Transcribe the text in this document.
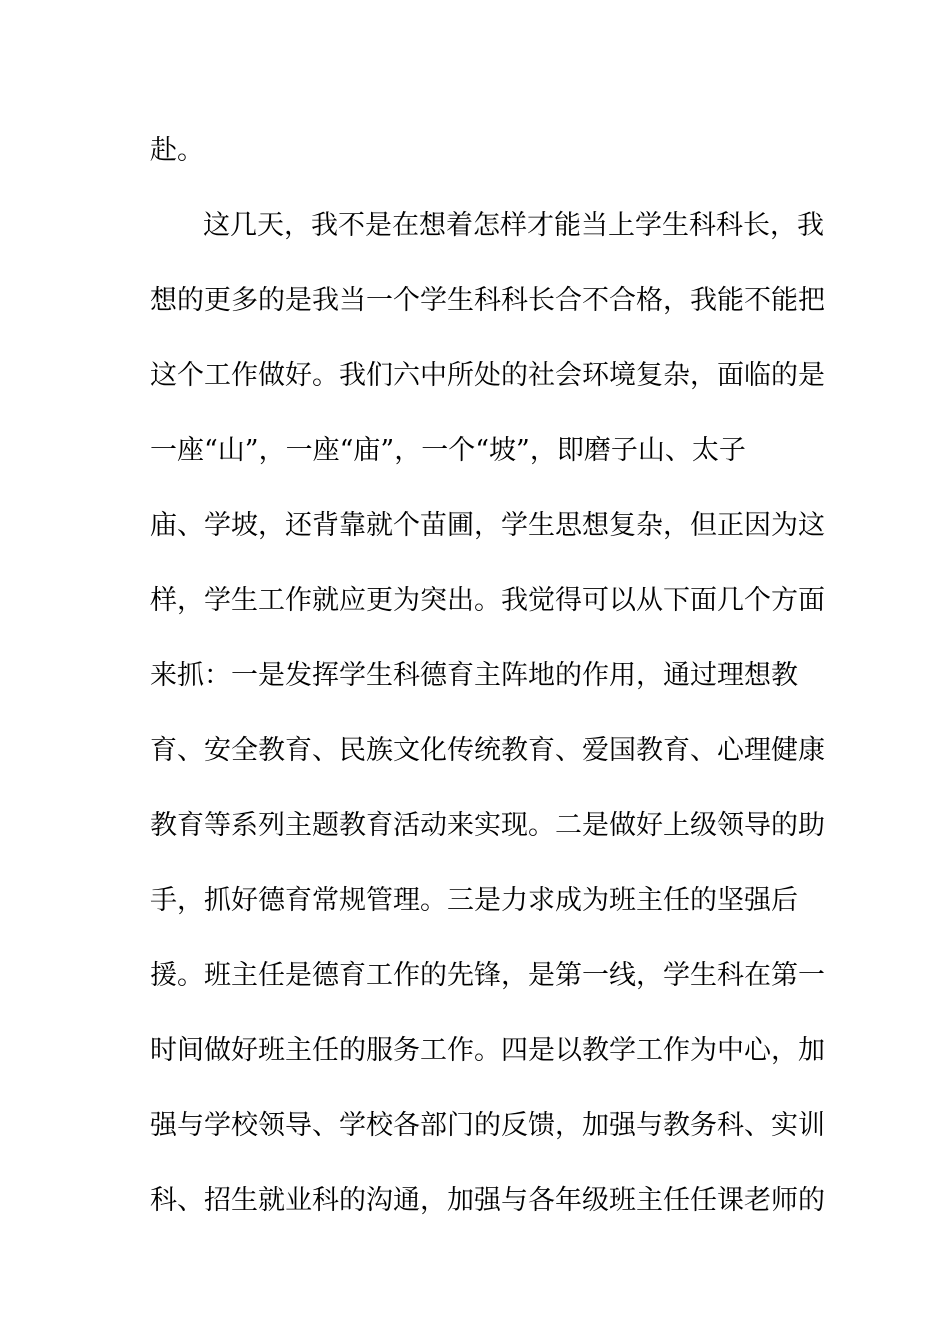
赴。
这几天，我不是在想着怎样才能当上学生科科长，我
想的更多的是我当一个学生科科长合不合格，我能不能把
这个工作做好。我们六中所处的社会环境复杂，面临的是
一座“山”，一座“庙”，一个“坡”，即磨子山、太子
庙、学坡，还背靠就个苗圃，学生思想复杂，但正因为这
样，学生工作就应更为突出。我觉得可以从下面几个方面
来抓：一是发挥学生科德育主阵地的作用，通过理想教
育、安全教育、民族文化传统教育、爱国教育、心理健康
教育等系列主题教育活动来实现。二是做好上级领导的助
手，抓好德育常规管理。三是力求成为班主任的坚强后
援。班主任是德育工作的先锋，是第一线，学生科在第一
时间做好班主任的服务工作。四是以教学工作为中心，加
强与学校领导、学校各部门的反馈，加强与教务科、实训
科、招生就业科的沟通，加强与各年级班主任任课老师的
